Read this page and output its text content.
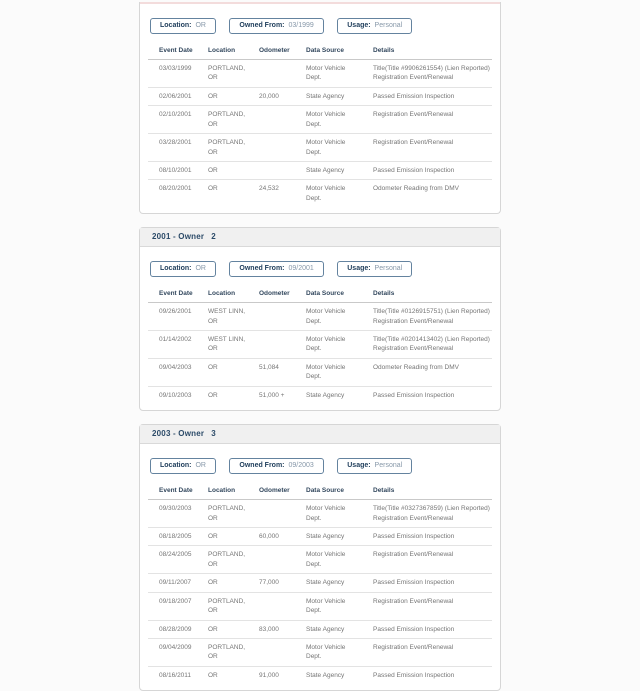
Location: OR	Owned From: 03/1999	Usage: Personal
Event Date	Location	Odometer	Data Source	Details
03/03/1999	PORTLAND, OR		Motor Vehicle Dept.	Title(Title #9906261554) (Lien Reported)
Registration Event/Renewal

02/06/2001	OR	20,000	State Agency	Passed Emission Inspection

02/10/2001	PORTLAND, OR		Motor Vehicle Dept.	Registration Event/Renewal

03/28/2001	PORTLAND, OR		Motor Vehicle Dept.	Registration Event/Renewal

08/10/2001	OR		State Agency	Passed Emission Inspection

08/20/2001	OR	24,532	Motor Vehicle Dept.	Odometer Reading from DMV
2001 - Owner 2
Location: OR	Owned From: 09/2001	Usage: Personal
Event Date	Location	Odometer	Data Source	Details
09/26/2001	WEST LINN, OR		Motor Vehicle Dept.	Title(Title #0126915751) (Lien Reported)
Registration Event/Renewal

01/14/2002	WEST LINN, OR		Motor Vehicle Dept.	Title(Title #0201413402) (Lien Reported)
Registration Event/Renewal

09/04/2003	OR	51,084	Motor Vehicle Dept.	Odometer Reading from DMV

09/10/2003	OR	51,000 +	State Agency	Passed Emission Inspection
2003 - Owner 3
Location: OR	Owned From: 09/2003	Usage: Personal
Event Date	Location	Odometer	Data Source	Details
09/30/2003	PORTLAND, OR		Motor Vehicle Dept.	Title(Title #0327367859) (Lien Reported)
Registration Event/Renewal

08/18/2005	OR	60,000	State Agency	Passed Emission Inspection

08/24/2005	PORTLAND, OR		Motor Vehicle Dept.	Registration Event/Renewal

09/11/2007	OR	77,000	State Agency	Passed Emission Inspection

09/18/2007	PORTLAND, OR		Motor Vehicle Dept.	Registration Event/Renewal

08/28/2009	OR	83,000	State Agency	Passed Emission Inspection

09/04/2009	PORTLAND, OR		Motor Vehicle Dept.	Registration Event/Renewal

08/16/2011	OR	91,000	State Agency	Passed Emission Inspection
